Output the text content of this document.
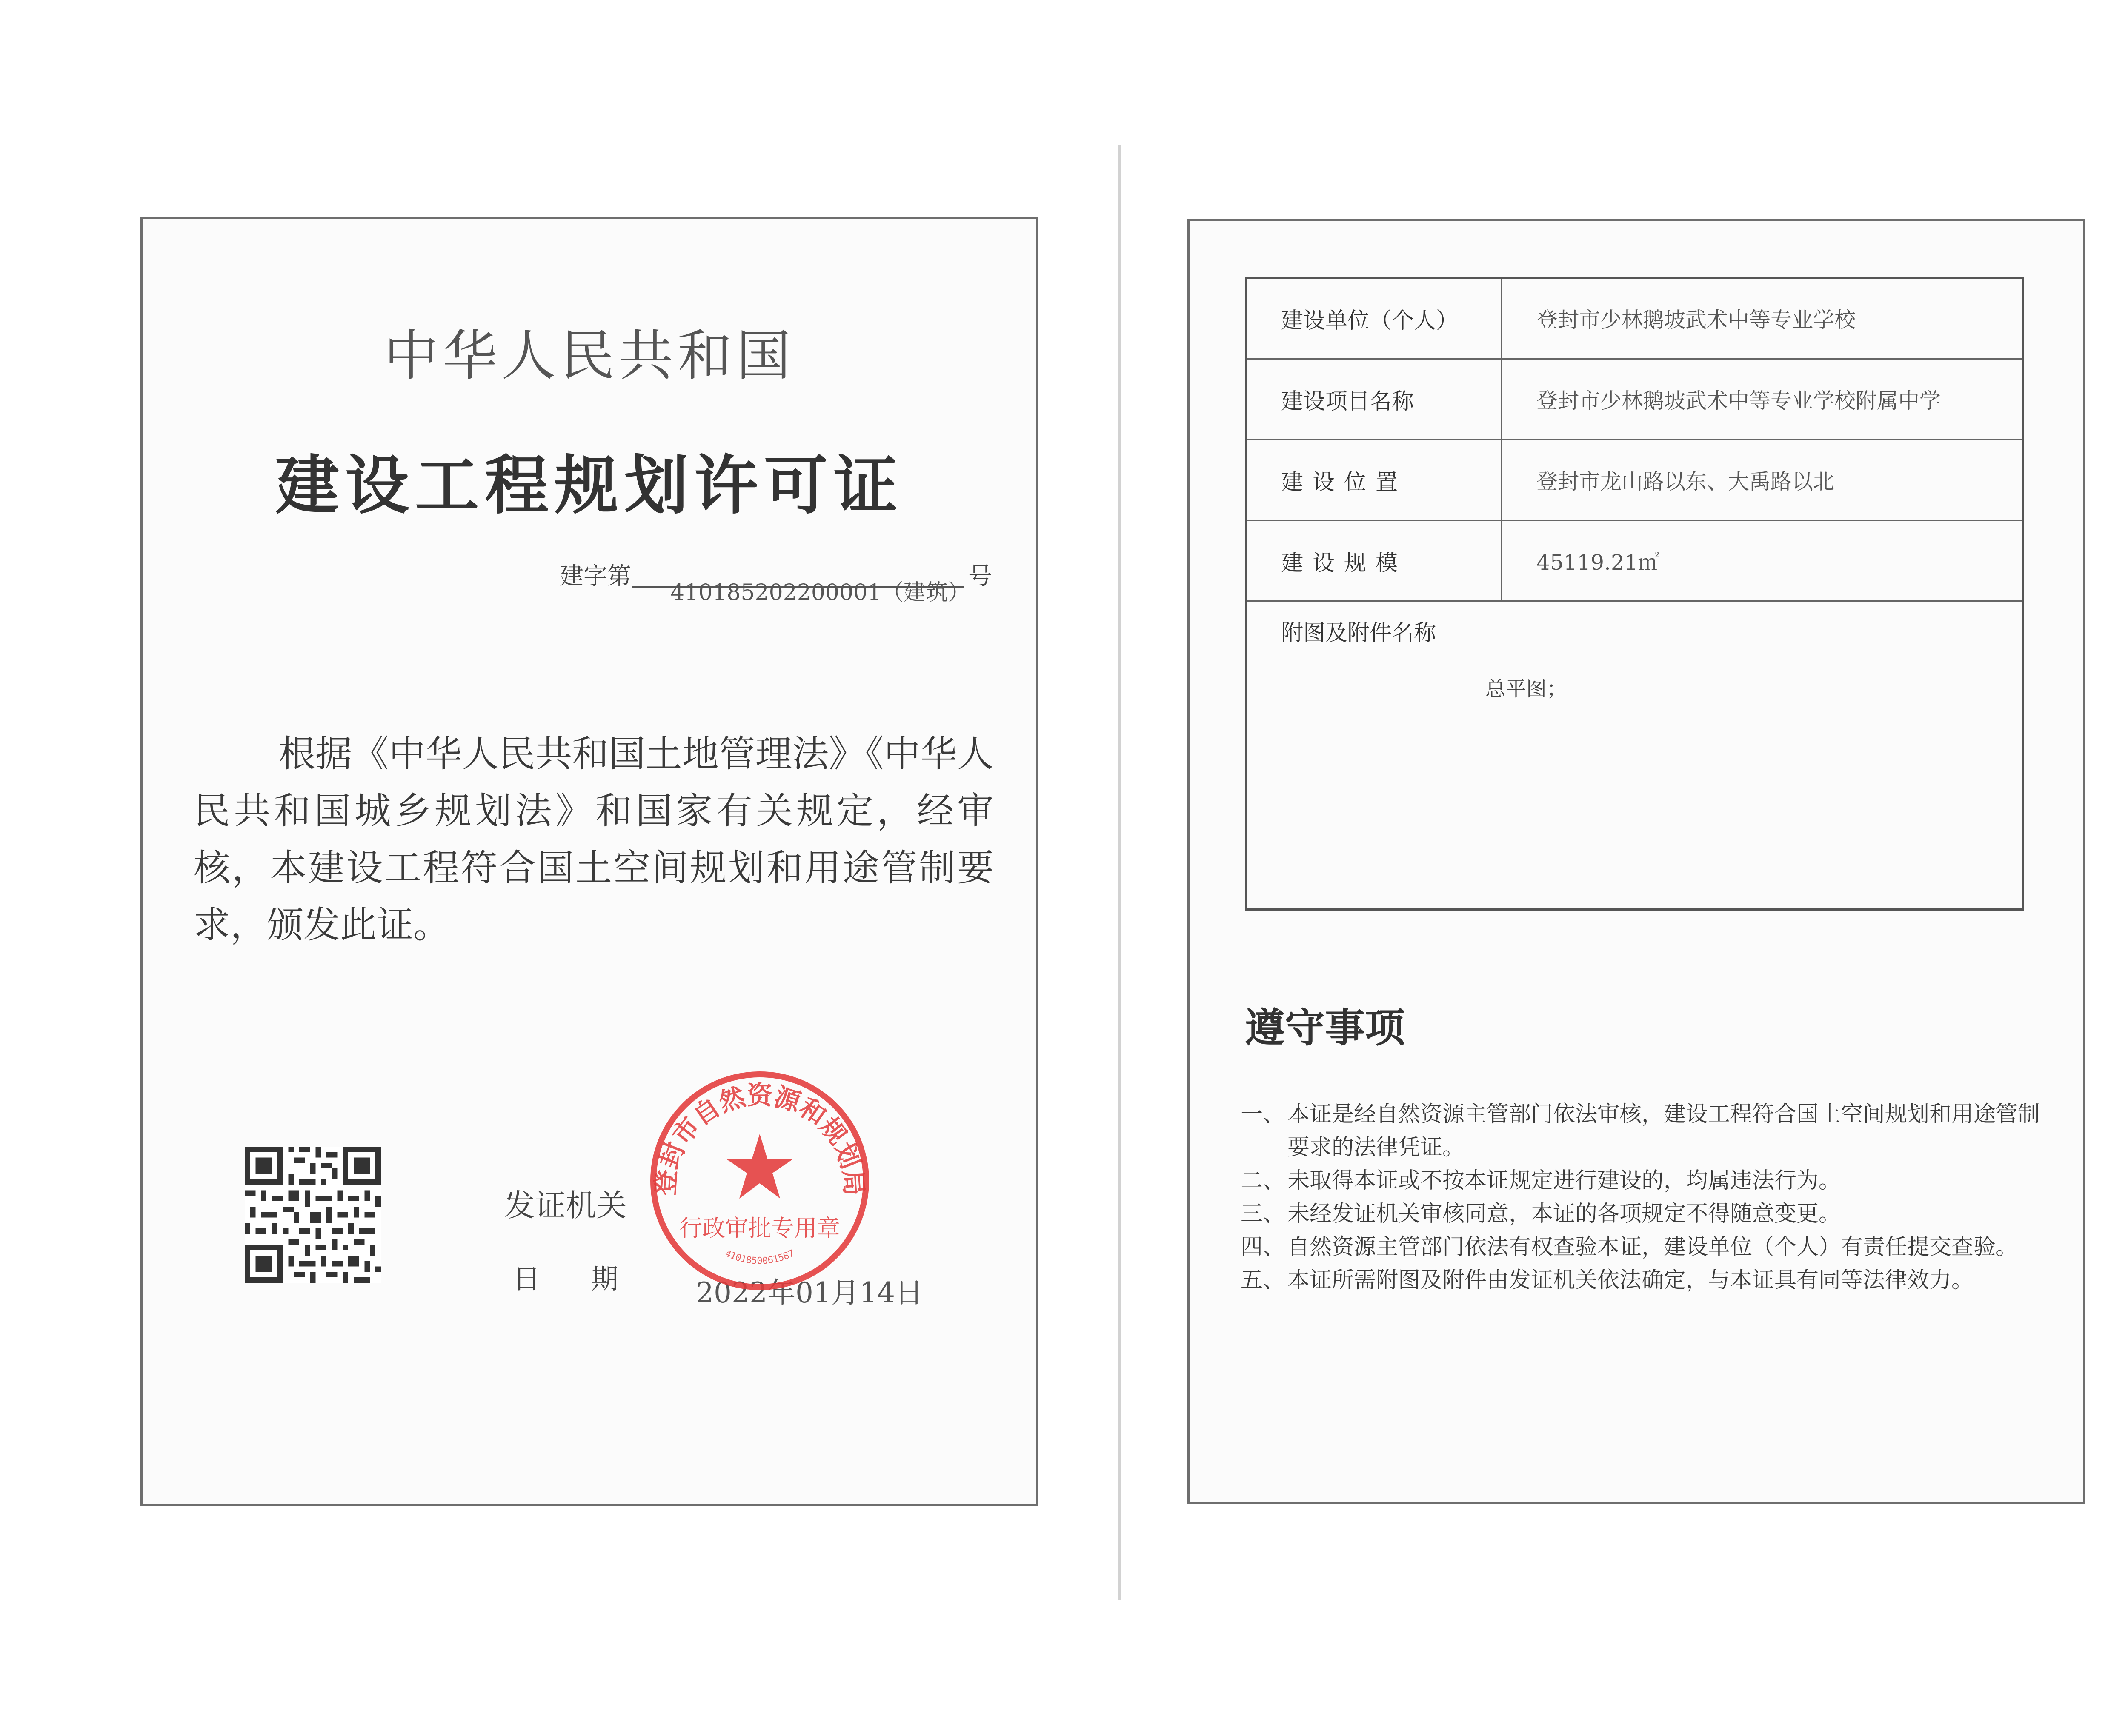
中华人民共和国
建设工程规划许可证
建字第
410185202200001（建筑）
号
根据《中华人民共和国土地管理法》《中华人民共和国城乡规划法》和国家有关规定，经审核，本建设工程符合国土空间规划和用途管制要求，颁发此证。
发证机关
日期 2022年01月14日
登封市自然资源和规划局
行政审批专用章
4101850061587
建设单位（个人）	登封市少林鹅坡武术中等专业学校
建设项目名称	登封市少林鹅坡武术中等专业学校附属中学
建设位置	登封市龙山路以东、大禹路以北
建设规模	45119.21㎡
附图及附件名称
总平图；
遵守事项
一、 本证是经自然资源主管部门依法审核，建设工程符合国土空间规划和用途管制要求的法律凭证。
二、 未取得本证或不按本证规定进行建设的，均属违法行为。
三、 未经发证机关审核同意，本证的各项规定不得随意变更。
四、 自然资源主管部门依法有权查验本证，建设单位（个人）有责任提交查验。
五、 本证所需附图及附件由发证机关依法确定，与本证具有同等法律效力。
